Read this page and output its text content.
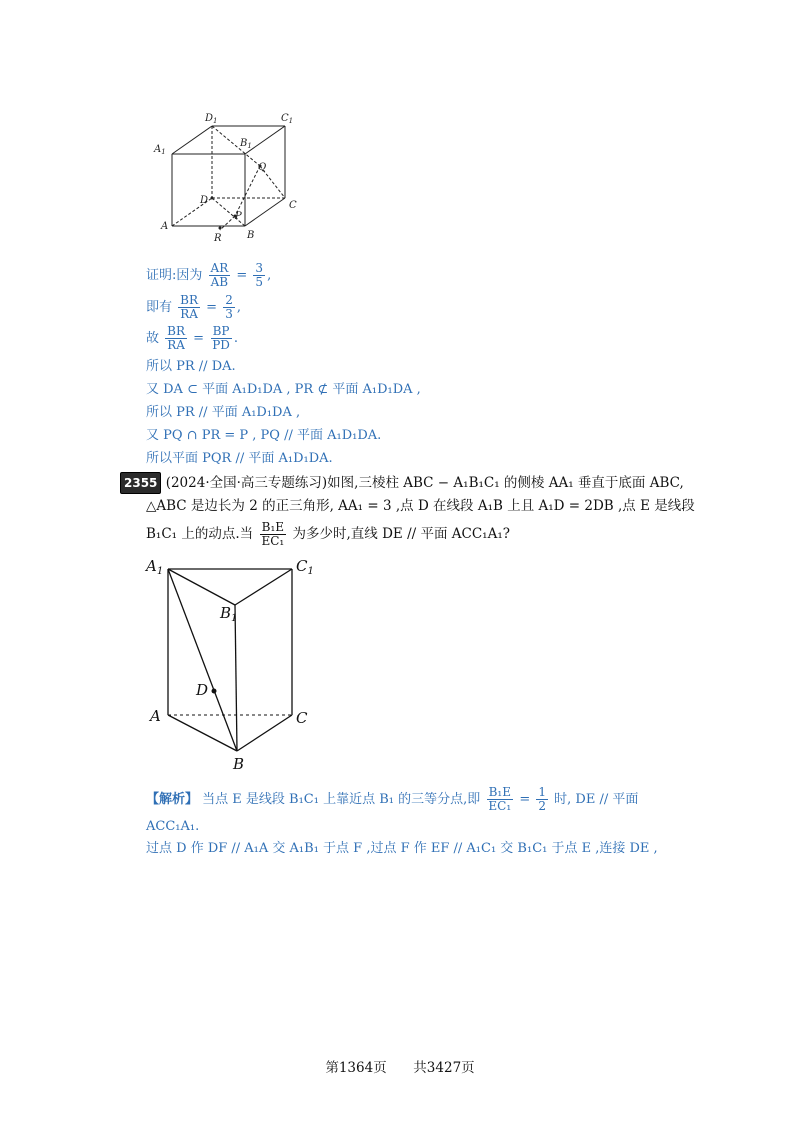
$D_1$	$C_1$
$A_1$
$B_1$
Q
D	C
P
A
R	B
证明:因为 $\frac{AR}{AB} = \frac{3}{5}$ ,
即有 $\frac{BR}{RA} = \frac{2}{3}$ ,
故 $\frac{BR}{RA} = \frac{BP}{PD}$ .
所以 PR // DA.
又 DA ⊂ 平面 A₁D₁DA , PR ⊄ 平面 A₁D₁DA ,
所以 PR // 平面 A₁D₁DA ,
又 PQ ∩ PR = P , PQ // 平面 A₁D₁DA.
所以平面 PQR // 平面 A₁D₁DA.
2355 (2024·全国·高三专题练习)如图,三棱柱 ABC − A₁B₁C₁ 的侧棱 AA₁ 垂直于底面 ABC,
△ABC 是边长为 2 的正三角形, AA₁ = 3 ,点 D 在线段 A₁B 上且 A₁D = 2DB ,点 E 是线段
B₁C₁ 上的动点.当 $\frac{\text{B₁E}}{\text{EC₁}}$ 为多少时,直线 DE // 平面 ACC₁A₁?
$A_1$	$C_1$
$B_1$
D
A	C
B
【解析】 当点 E 是线段 B₁C₁ 上靠近点 B₁ 的三等分点,即 $\frac{\text{B₁E}}{\text{EC₁}} = \frac{1}{2}$ 时, DE // 平面
ACC₁A₁.
过点 D 作 DF // A₁A 交 A₁B₁ 于点 F ,过点 F 作 EF // A₁C₁ 交 B₁C₁ 于点 E ,连接 DE ,
第1364页 共3427页
